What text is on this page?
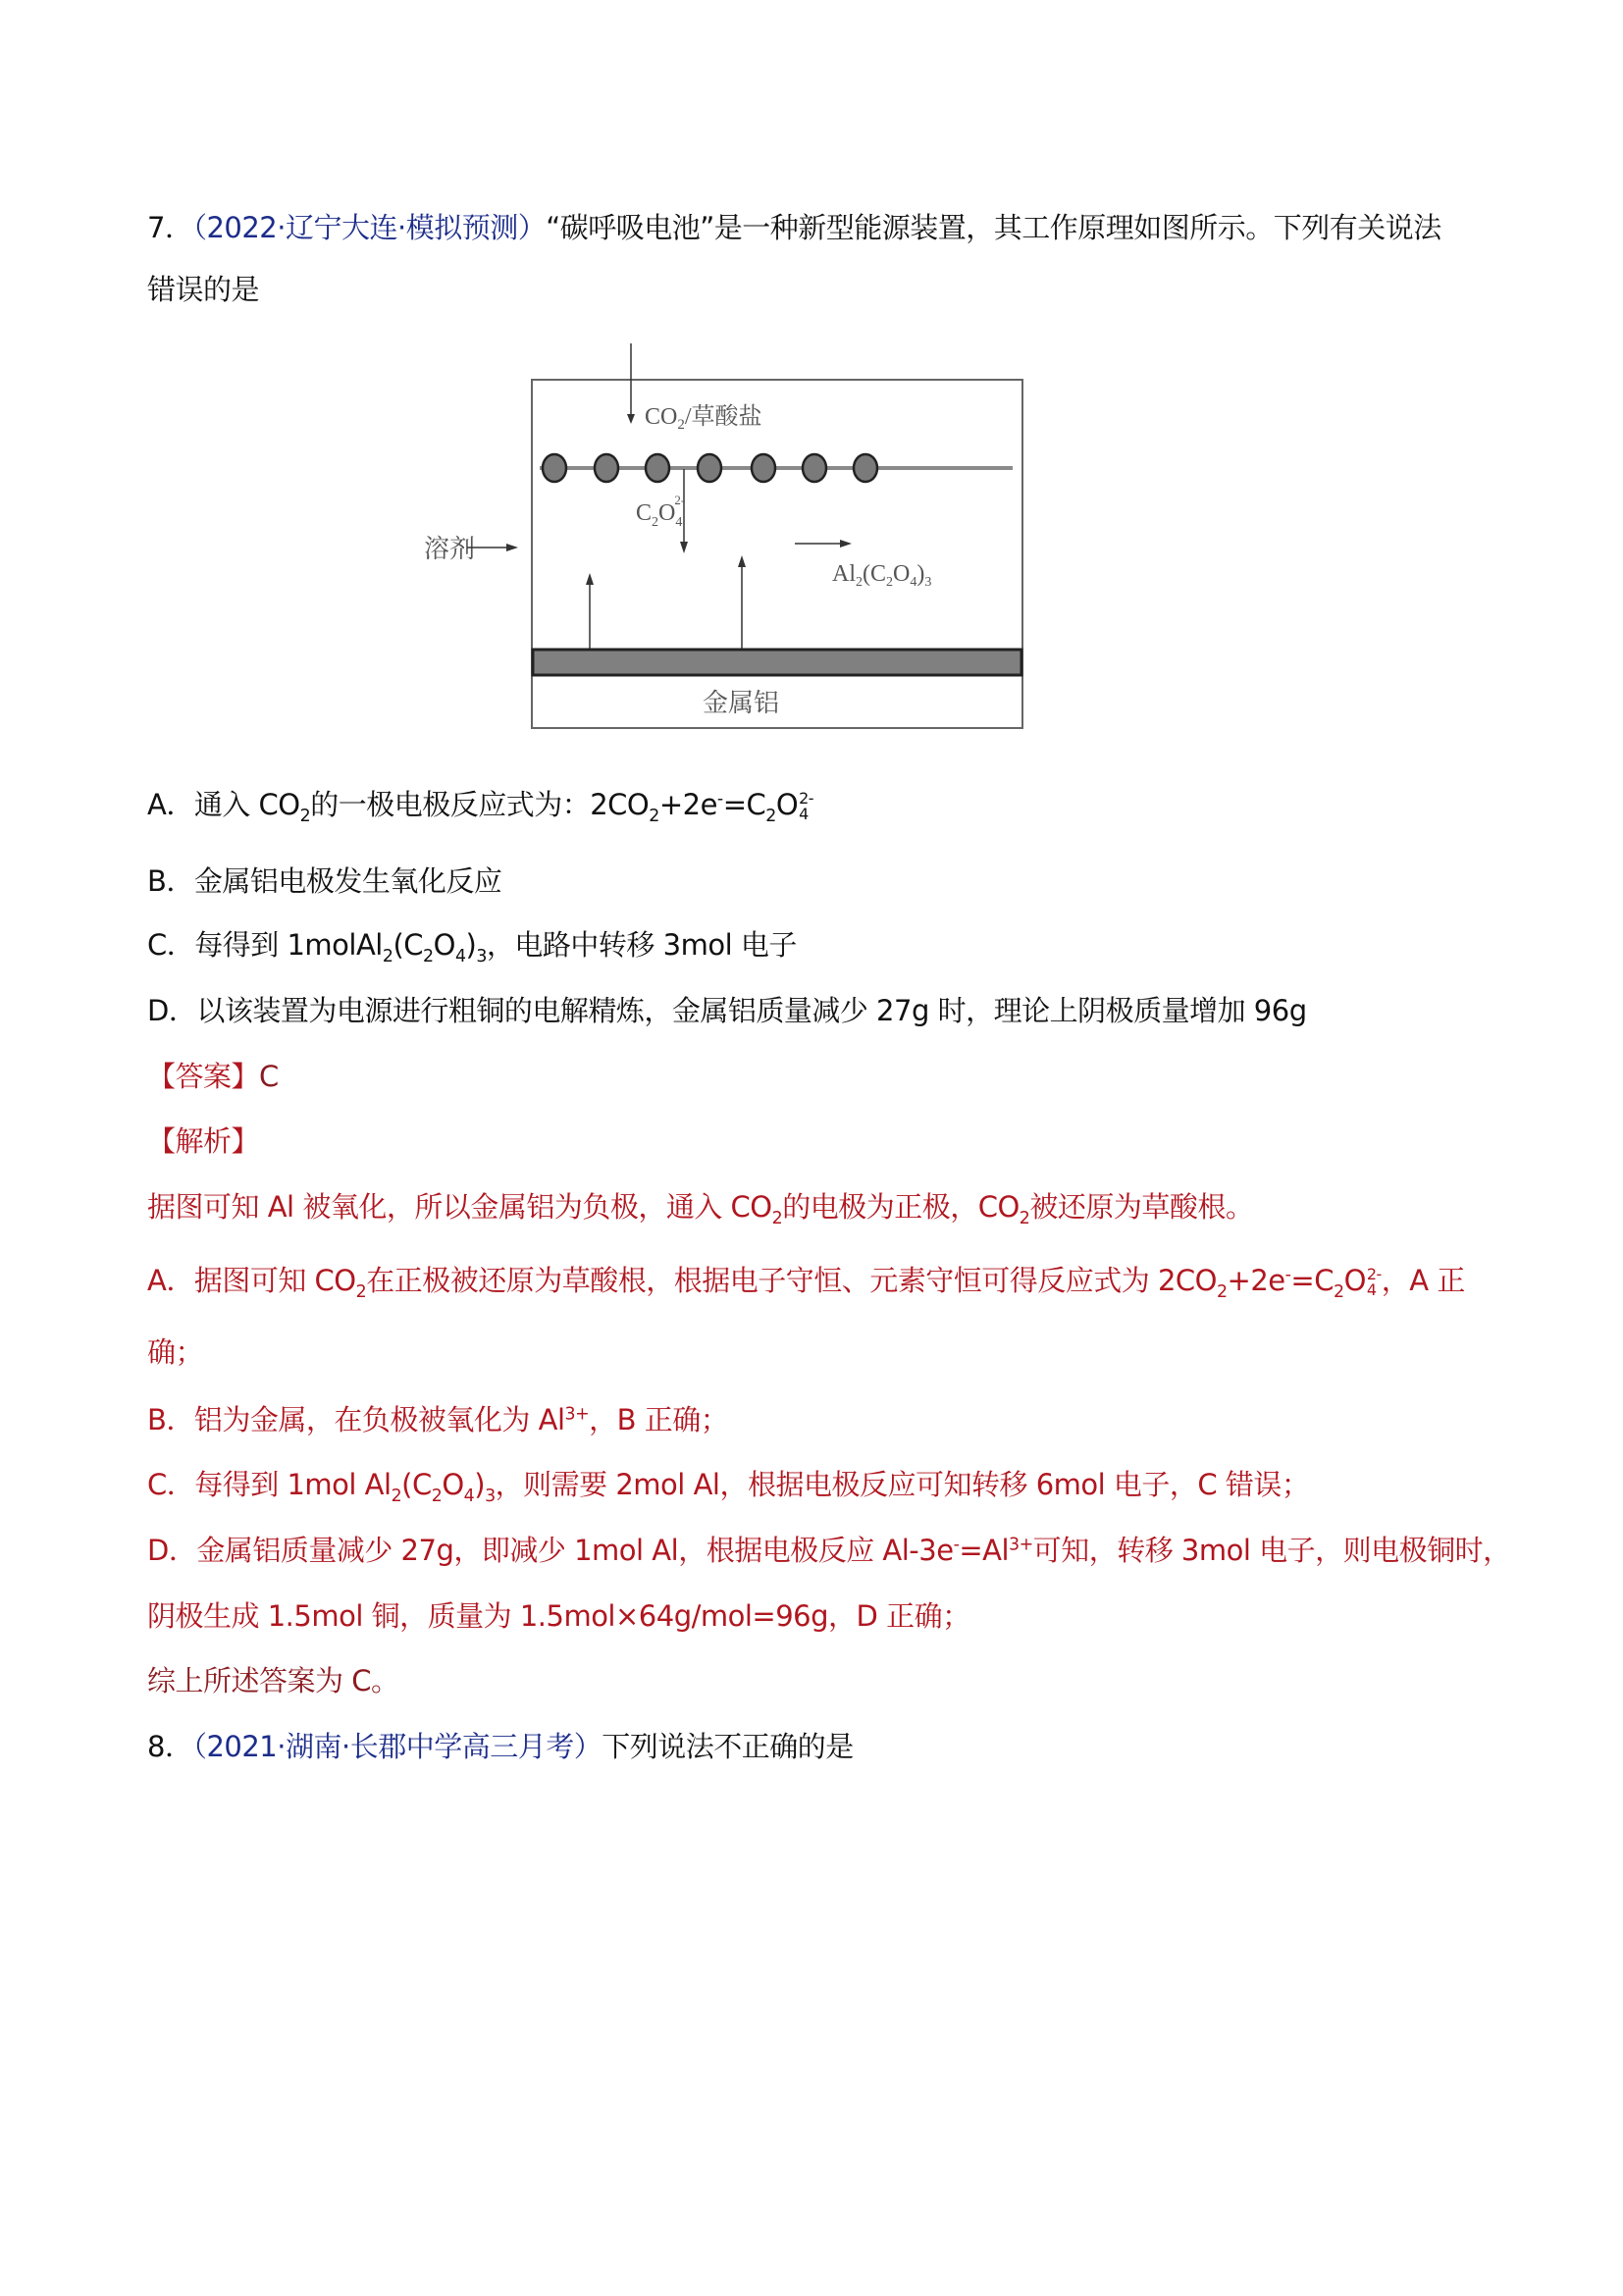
7．（2022·辽宁大连·模拟预测）“碳呼吸电池”是一种新型能源装置，其工作原理如图所示。下列有关说法
错误的是
$CO_2/$草酸盐
$C_2O_42-$
溶剂
$Al_2(C_2O_4)_3$
金属铝
A．通入 $CO_2$的一极电极反应式为：$2CO_2+2e^-=C_2O$ 2-
4
B．金属铝电极发生氧化反应
C．每得到 $1molAl_2(C_2O_4)_3$，电路中转移 3mol 电子
D．以该装置为电源进行粗铜的电解精炼，金属铝质量减少 27g 时，理论上阴极质量增加 96g
【答案】C
【解析】
据图可知 Al 被氧化，所以金属铝为负极，通入 $CO_2$的电极为正极，$CO_2$被还原为草酸根。
A．据图可知 $CO_2$在正极被还原为草酸根，根据电子守恒、元素守恒可得反应式为 $2CO_2+2e^-=C_2O$ 2-
4 ，A 正
确；
B．铝为金属，在负极被氧化为 $Al^{3+}$，B 正确；
C．每得到 1mol $Al_2(C_2O_4)_3$，则需要 2mol Al，根据电极反应可知转移 6mol 电子，C 错误；
D．金属铝质量减少 27g，即减少 1mol Al，根据电极反应 $Al-3e^-=Al^{3+}$可知，转移 3mol 电子，则电极铜时，
阴极生成 1.5mol 铜，质量为 1.5mol×64g/mol=96g，D 正确；
综上所述答案为 C。
8．（2021·湖南·长郡中学高三月考）下列说法不正确的是
